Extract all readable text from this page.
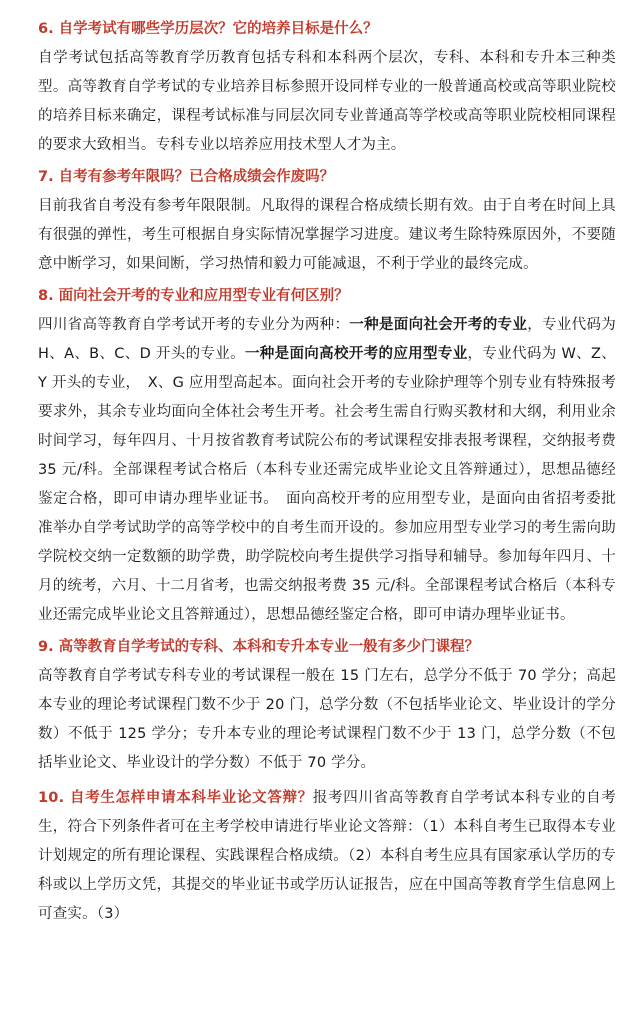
6. 自学考试有哪些学历层次？它的培养目标是什么？

自学考试包括高等教育学历教育包括专科和本科两个层次，专科、本科和专升本三种类型。高等教育自学考试的专业培养目标参照开设同样专业的一般普通高校或高等职业院校的培养目标来确定，课程考试标准与同层次同专业普通高等学校或高等职业院校相同课程的要求大致相当。专科专业以培养应用技术型人才为主。

7. 自考有参考年限吗？已合格成绩会作废吗？

目前我省自考没有参考年限限制。凡取得的课程合格成绩长期有效。由于自考在时间上具有很强的弹性，考生可根据自身实际情况掌握学习进度。建议考生除特殊原因外，不要随意中断学习，如果间断，学习热情和毅力可能减退，不利于学业的最终完成。

8. 面向社会开考的专业和应用型专业有何区别？

四川省高等教育自学考试开考的专业分为两种：一种是面向社会开考的专业，专业代码为 H、A、B、C、D 开头的专业。一种是面向高校开考的应用型专业，专业代码为 W、Z、Y 开头的专业，　X、G 应用型高起本。面向社会开考的专业除护理等个别专业有特殊报考要求外，其余专业均面向全体社会考生开考。社会考生需自行购买教材和大纲，利用业余时间学习，每年四月、十月按省教育考试院公布的考试课程安排表报考课程，交纳报考费 35 元/科。全部课程考试合格后（本科专业还需完成毕业论文且答辩通过），思想品德经鉴定合格，即可申请办理毕业证书。　面向高校开考的应用型专业，是面向由省招考委批准举办自学考试助学的高等学校中的自考生而开设的。参加应用型专业学习的考生需向助学院校交纳一定数额的助学费，助学院校向考生提供学习指导和辅导。参加每年四月、十月的统考，六月、十二月省考，也需交纳报考费 35 元/科。全部课程考试合格后（本科专业还需完成毕业论文且答辩通过），思想品德经鉴定合格，即可申请办理毕业证书。

9. 高等教育自学考试的专科、本科和专升本专业一般有多少门课程？

高等教育自学考试专科专业的考试课程一般在 15 门左右，总学分不低于 70 学分；高起本专业的理论考试课程门数不少于 20 门，总学分数（不包括毕业论文、毕业设计的学分数）不低于 125 学分；专升本专业的理论考试课程门数不少于 13 门，总学分数（不包括毕业论文、毕业设计的学分数）不低于 70 学分。

10. 自考生怎样申请本科毕业论文答辩？报考四川省高等教育自学考试本科专业的自考生，符合下列条件者可在主考学校申请进行毕业论文答辩：（1）本科自考生已取得本专业计划规定的所有理论课程、实践课程合格成绩。（2）本科自考生应具有国家承认学历的专科或以上学历文凭，其提交的毕业证书或学历认证报告，应在中国高等教育学生信息网上可查实。（3）
